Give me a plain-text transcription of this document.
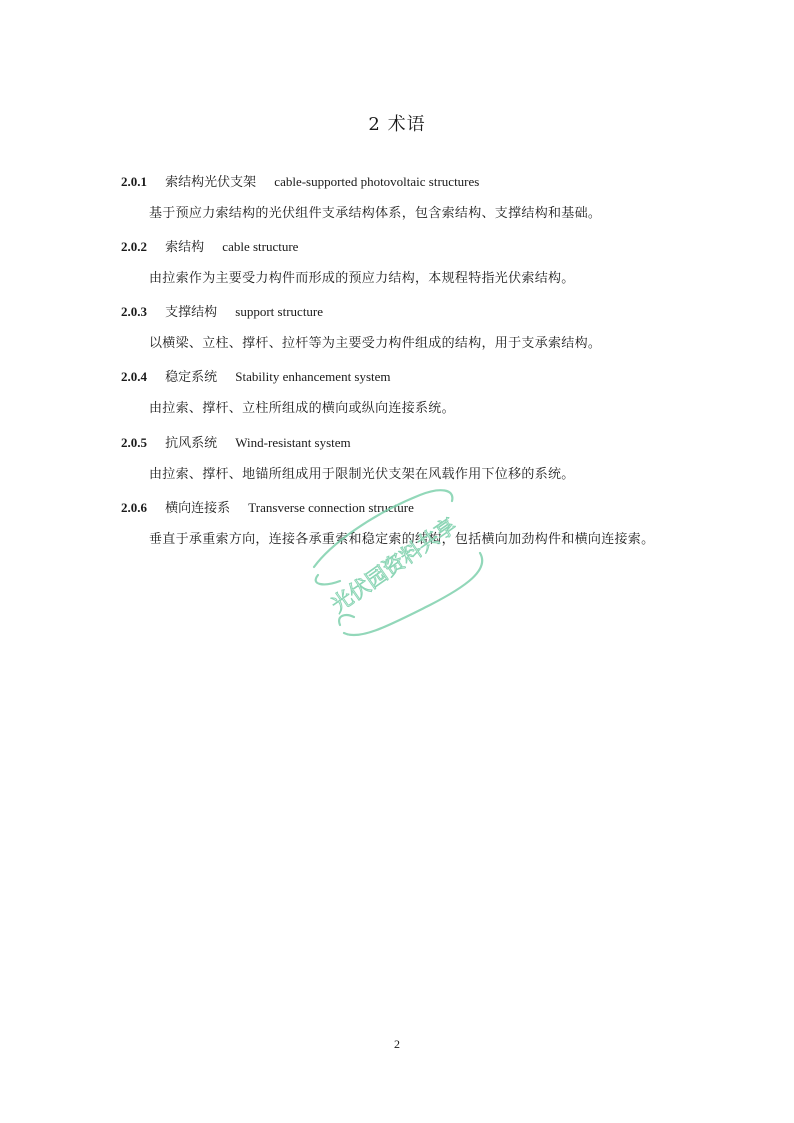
2 术语
2.0.1 索结构光伏支架 cable-supported photovoltaic structures
基于预应力索结构的光伏组件支承结构体系，包含索结构、支撑结构和基础。
2.0.2 索结构 cable structure
由拉索作为主要受力构件而形成的预应力结构，本规程特指光伏索结构。
2.0.3 支撑结构 support structure
以横梁、立柱、撑杆、拉杆等为主要受力构件组成的结构，用于支承索结构。
2.0.4 稳定系统 Stability enhancement system
由拉索、撑杆、立柱所组成的横向或纵向连接系统。
2.0.5 抗风系统 Wind-resistant system
由拉索、撑杆、地锚所组成用于限制光伏支架在风载作用下位移的系统。
2.0.6 横向连接系 Transverse connection structure
垂直于承重索方向，连接各承重索和稳定索的结构，包括横向加劲构件和横向连接索。
光伏园资料共享
2
